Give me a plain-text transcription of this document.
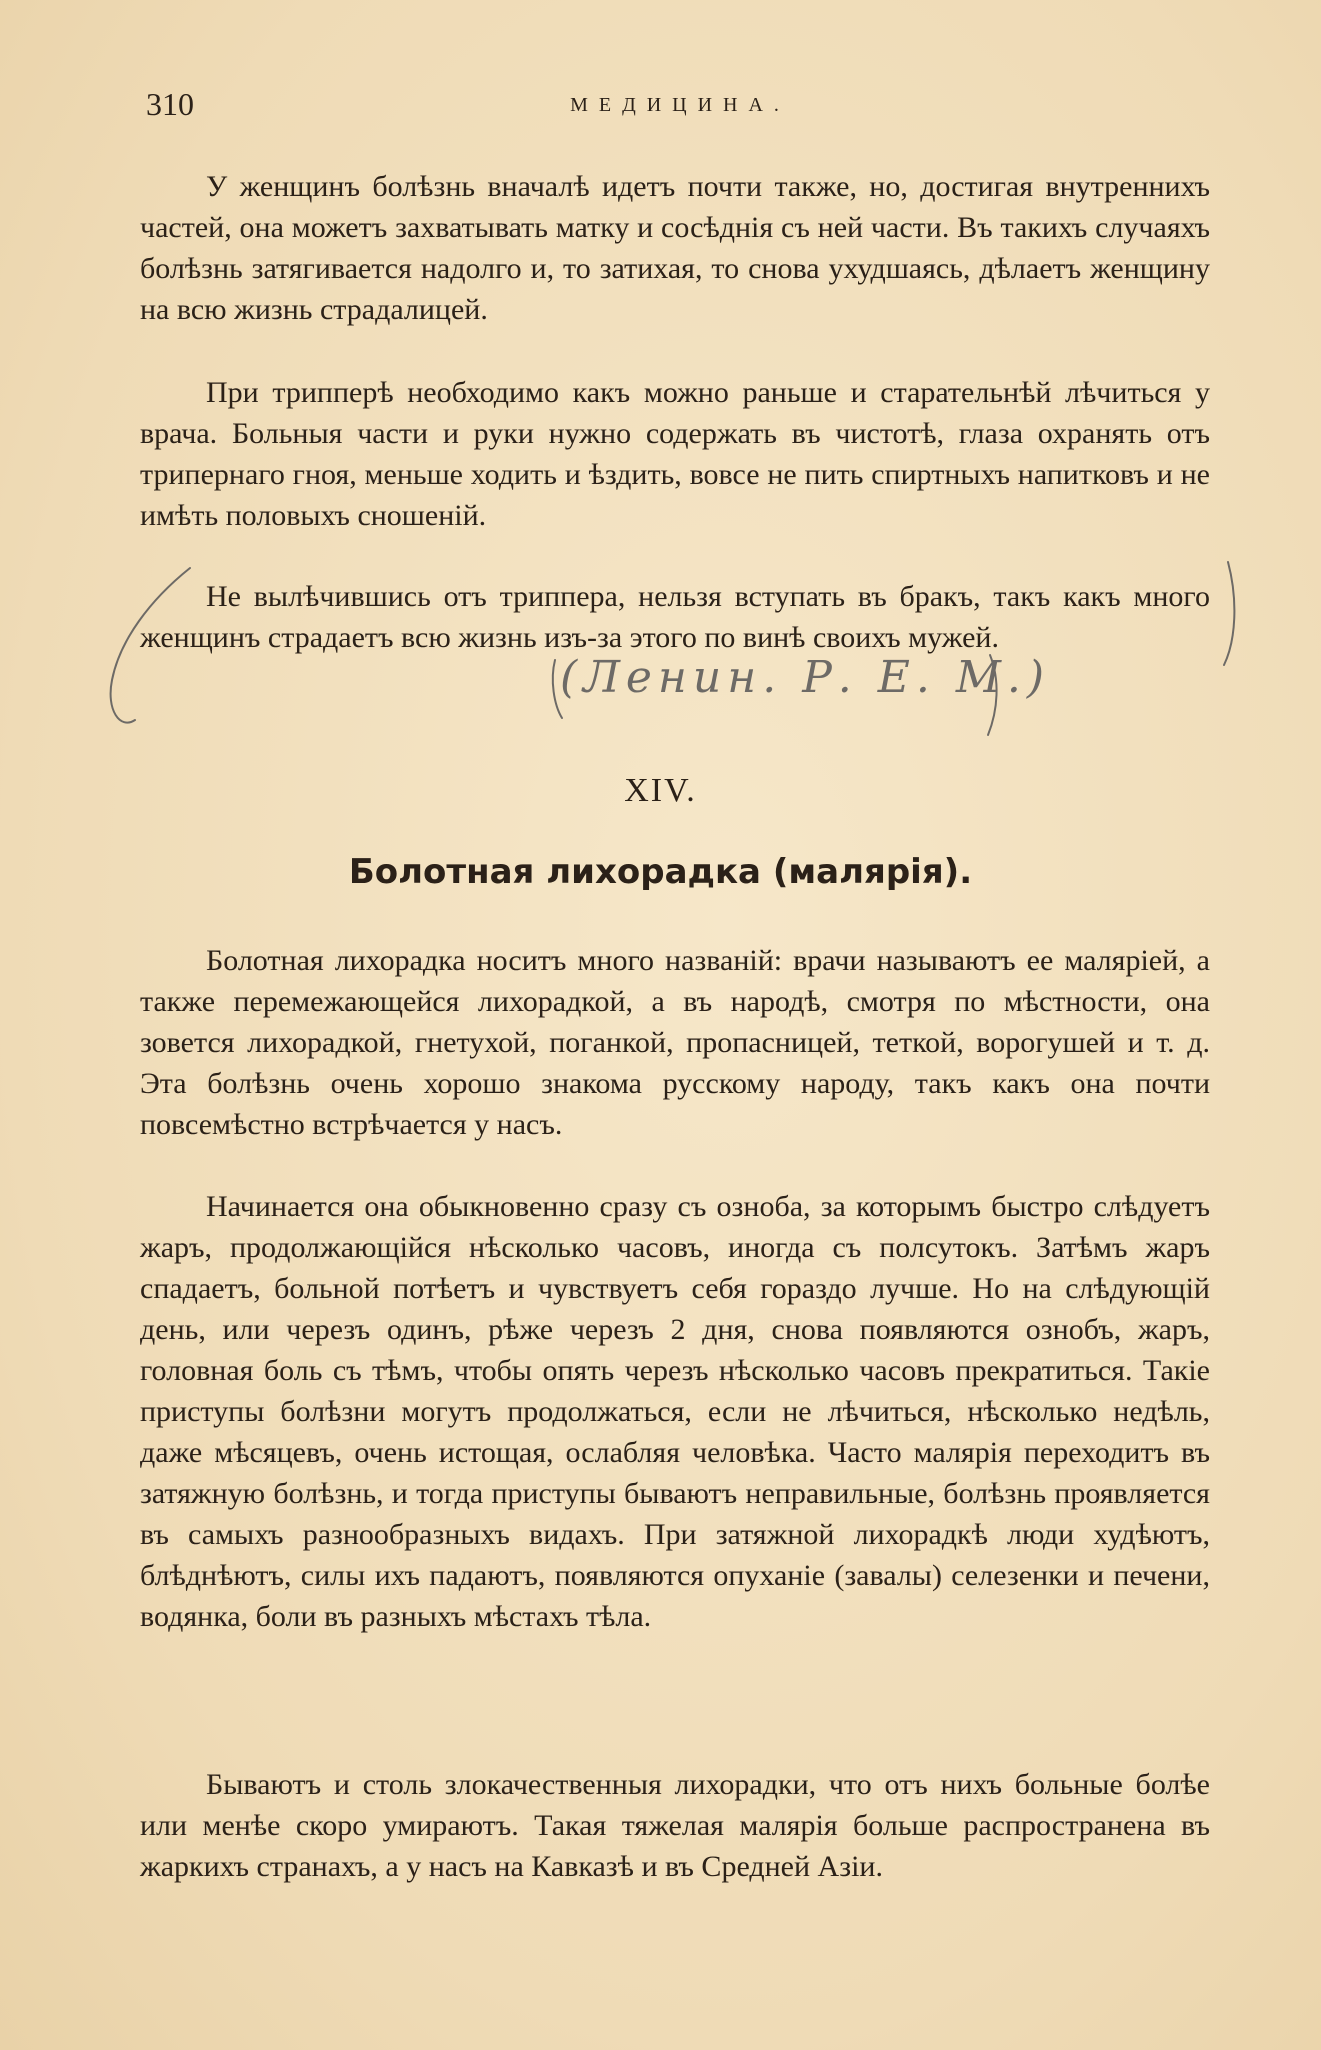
310	МЕДИЦИНА.

У женщинъ болѣзнь вначалѣ идетъ почти также, но, достигая внутреннихъ частей, она можетъ захватывать матку и сосѣднія съ ней части. Въ такихъ случаяхъ болѣзнь затягивается надолго и, то затихая, то снова ухудшаясь, дѣлаетъ женщину на всю жизнь страдалицей.

При трипперѣ необходимо какъ можно раньше и старательнѣй лѣчиться у врача. Больныя части и руки нужно содержать въ чистотѣ, глаза охранять отъ трипернаго гноя, меньше ходить и ѣздить, вовсе не пить спиртныхъ напитковъ и не имѣть половыхъ сношеній.

Не вылѣчившись отъ триппера, нельзя вступать въ бракъ, такъ какъ много женщинъ страдаетъ всю жизнь изъ-за этого по винѣ своихъ мужей.

XIV.
Болотная лихорадка (малярія).

Болотная лихорадка носитъ много названій: врачи называютъ ее маляріей, а также перемежающейся лихорадкой, а въ народѣ, смотря по мѣстности, она зовется лихорадкой, гнетухой, поганкой, пропасницей, теткой, ворогушей и т. д. Эта болѣзнь очень хорошо знакома русскому народу, такъ какъ она почти повсемѣстно встрѣчается у насъ.

Начинается она обыкновенно сразу съ озноба, за которымъ быстро слѣдуетъ жаръ, продолжающійся нѣсколько часовъ, иногда съ полсутокъ. Затѣмъ жаръ спадаетъ, больной потѣетъ и чувствуетъ себя гораздо лучше. Но на слѣдующій день, или черезъ одинъ, рѣже черезъ 2 дня, снова появляются ознобъ, жаръ, головная боль съ тѣмъ, чтобы опять черезъ нѣсколько часовъ прекратиться. Такіе приступы болѣзни могутъ продолжаться, если не лѣчиться, нѣсколько недѣль, даже мѣсяцевъ, очень истощая, ослабляя человѣка. Часто малярія переходитъ въ затяжную болѣзнь, и тогда приступы бываютъ неправильные, болѣзнь проявляется въ самыхъ разнообразныхъ видахъ. При затяжной лихорадкѣ люди худѣютъ, блѣднѣютъ, силы ихъ падаютъ, появляются опуханіе (завалы) селезенки и печени, водянка, боли въ разныхъ мѣстахъ тѣла.

Бываютъ и столь злокачественныя лихорадки, что отъ нихъ больные болѣе или менѣе скоро умираютъ. Такая тяжелая малярія больше распространена въ жаркихъ странахъ, а у насъ на Кавказѣ и въ Средней Азіи.

(Ленин. Р. Е. М.)
